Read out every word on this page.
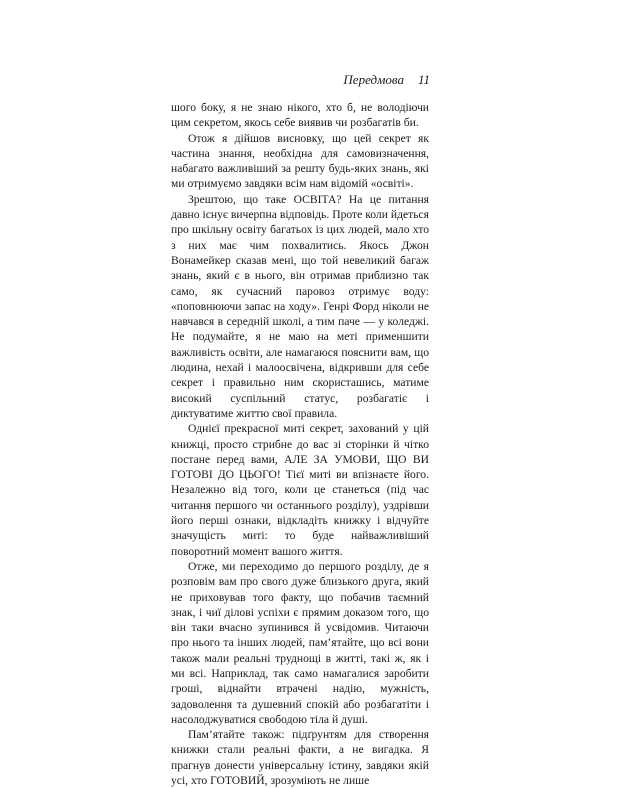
Передмова 11

шого боку, я не знаю нікого, хто б, не володіючи цим секретом, якось себе виявив чи розбагатів би.

Отож я дійшов висновку, що цей секрет як частина знання, необхідна для самовизначення, набагато важливіший за решту будь-яких знань, які ми отримуємо завдяки всім нам відомій «освіті».

Зрештою, що таке ОСВІТА? На це питання давно існує вичерпна відповідь. Проте коли йдеться про шкільну освіту багатьох із цих людей, мало хто з них має чим похвалитись. Якось Джон Вонамейкер сказав мені, що той невеликий багаж знань, який є в нього, він отримав приблизно так само, як сучасний паровоз отримує воду: «поповнюючи запас на ходу». Генрі Форд ніколи не навчався в середній школі, а тим паче — у коледжі. Не подумайте, я не маю на меті применшити важливість освіти, але намагаюся пояснити вам, що людина, нехай і малоосвічена, відкривши для себе секрет і правильно ним скористашись, матиме високий суспільний статус, розбагатіє і диктуватиме життю свої правила.

Однієї прекрасної миті секрет, захований у цій книжці, просто стрибне до вас зі сторінки й чітко постане перед вами, АЛЕ ЗА УМОВИ, ЩО ВИ ГОТОВІ ДО ЦЬОГО! Тієї миті ви впізнаєте його. Незалежно від того, коли це станеться (під час читання першого чи останнього розділу), уздрівши його перші ознаки, відкладіть книжку і відчуйте значущість миті: то буде найважливіший поворотний момент вашого життя.

Отже, ми переходимо до першого розділу, де я розповім вам про свого дуже близького друга, який не приховував того факту, що побачив таємний знак, і чиї ділові успіхи є прямим доказом того, що він таки вчасно зупинився й усвідомив. Читаючи про нього та інших людей, пам’ятайте, що всі вони також мали реальні труднощі в житті, такі ж, як і ми всі. Наприклад, так само намагалися заробити гроші, віднайти втрачені надію, мужність, задоволення та душевний спокій або розбагатіти і насолоджуватися свободою тіла й душі.

Пам’ятайте також: підґрунтям для створення книжки стали реальні факти, а не вигадка. Я прагнув донести універсальну істину, завдяки якій усі, хто ГОТОВИЙ, зрозуміють не лише
